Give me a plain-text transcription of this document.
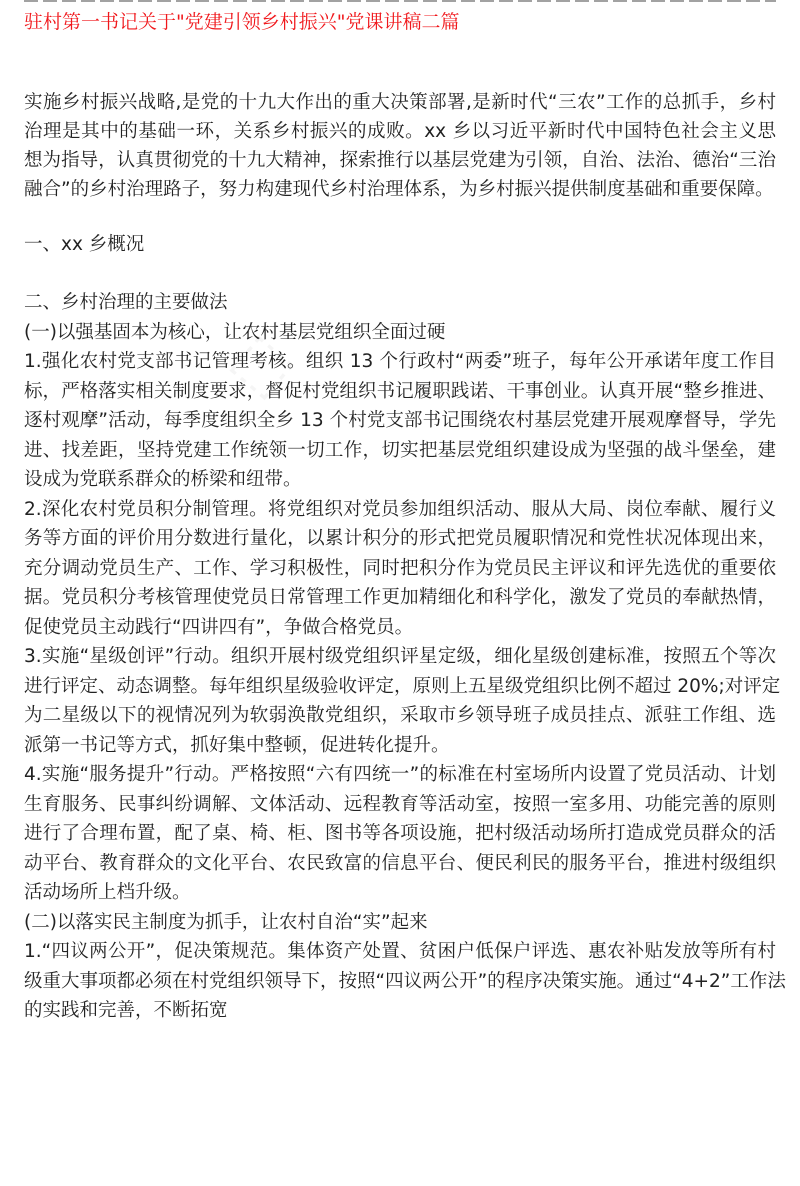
⬚
驻村第一书记关于"党建引领乡村振兴"党课讲稿二篇
实施乡村振兴战略,是党的十九大作出的重大决策部署,是新时代“三农”工作的总抓手，乡村
治理是其中的基础一环，关系乡村振兴的成败。xx 乡以习近平新时代中国特色社会主义思
想为指导，认真贯彻党的十九大精神，探索推行以基层党建为引领，自治、法治、德治“三治
融合”的乡村治理路子，努力构建现代乡村治理体系，为乡村振兴提供制度基础和重要保障。
一、xx 乡概况
二、乡村治理的主要做法
(一)以强基固本为核心，让农村基层党组织全面过硬
1.强化农村党支部书记管理考核。组织 13 个行政村“两委”班子，每年公开承诺年度工作目
标，严格落实相关制度要求，督促村党组织书记履职践诺、干事创业。认真开展“整乡推进、
逐村观摩”活动，每季度组织全乡 13 个村党支部书记围绕农村基层党建开展观摩督导，学先
进、找差距，坚持党建工作统领一切工作，切实把基层党组织建设成为坚强的战斗堡垒，建
设成为党联系群众的桥梁和纽带。
2.深化农村党员积分制管理。将党组织对党员参加组织活动、服从大局、岗位奉献、履行义
务等方面的评价用分数进行量化，以累计积分的形式把党员履职情况和党性状况体现出来，
充分调动党员生产、工作、学习积极性，同时把积分作为党员民主评议和评先选优的重要依
据。党员积分考核管理使党员日常管理工作更加精细化和科学化，激发了党员的奉献热情，
促使党员主动践行“四讲四有”，争做合格党员。
3.实施“星级创评”行动。组织开展村级党组织评星定级，细化星级创建标准，按照五个等次
进行评定、动态调整。每年组织星级验收评定，原则上五星级党组织比例不超过 20%;对评定
为二星级以下的视情况列为软弱涣散党组织，采取市乡领导班子成员挂点、派驻工作组、选
派第一书记等方式，抓好集中整顿，促进转化提升。
4.实施“服务提升”行动。严格按照“六有四统一”的标准在村室场所内设置了党员活动、计划
生育服务、民事纠纷调解、文体活动、远程教育等活动室，按照一室多用、功能完善的原则
进行了合理布置，配了桌、椅、柜、图书等各项设施，把村级活动场所打造成党员群众的活
动平台、教育群众的文化平台、农民致富的信息平台、便民利民的服务平台，推进村级组织
活动场所上档升级。
(二)以落实民主制度为抓手，让农村自治“实”起来
1.“四议两公开”，促决策规范。集体资产处置、贫困户低保户评选、惠农补贴发放等所有村
级重大事项都必须在村党组织领导下，按照“四议两公开”的程序决策实施。通过“4+2”工作法
的实践和完善，不断拓宽
